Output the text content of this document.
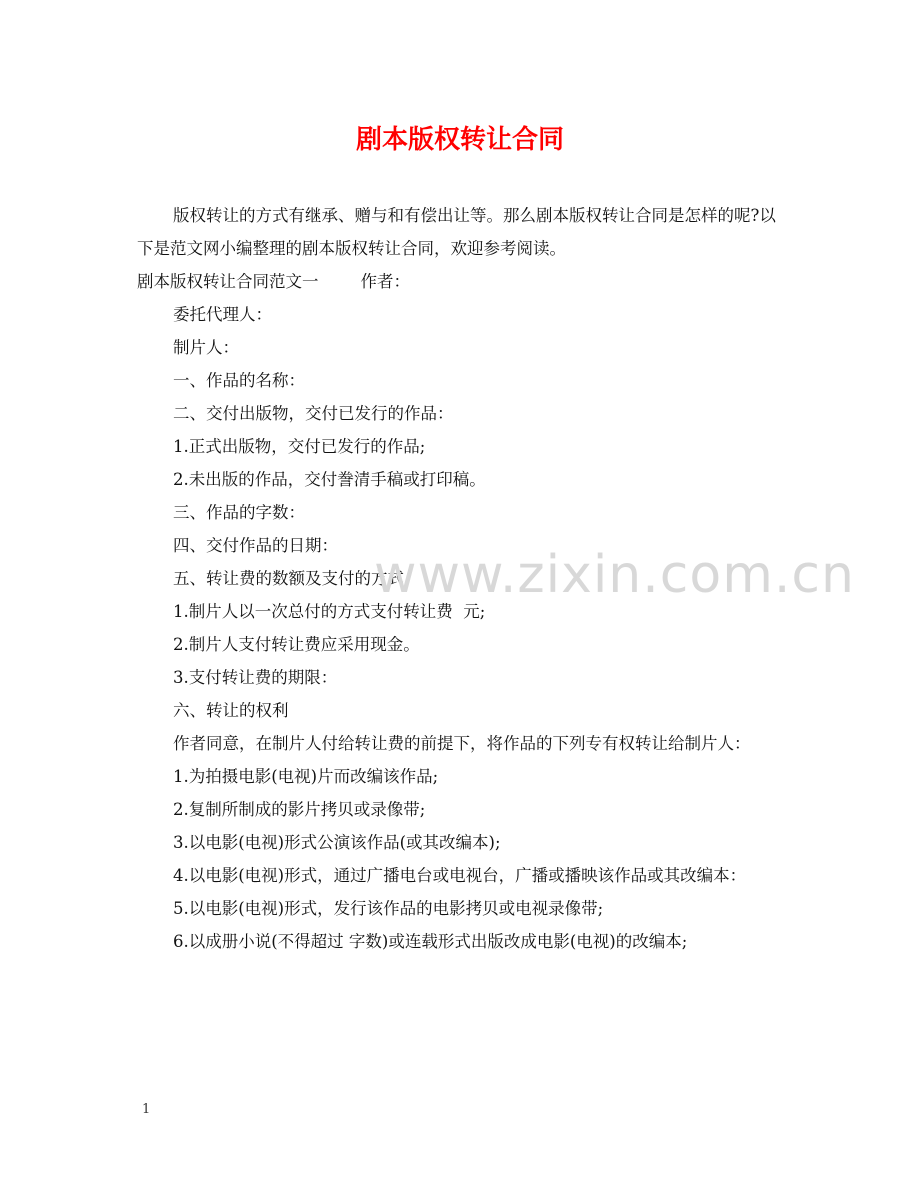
剧本版权转让合同

版权转让的方式有继承、赠与和有偿出让等。那么剧本版权转让合同是怎样的呢?以下是范文网小编整理的剧本版权转让合同，欢迎参考阅读。

剧本版权转让合同范文一        作者：

委托代理人：

制片人：

一、作品的名称：

二、交付出版物，交付已发行的作品：

1.正式出版物，交付已发行的作品;

2.未出版的作品，交付誊清手稿或打印稿。

三、作品的字数：

四、交付作品的日期：

五、转让费的数额及支付的方式：

1.制片人以一次总付的方式支付转让费  元;

2.制片人支付转让费应采用现金。

3.支付转让费的期限：

六、转让的权利

作者同意，在制片人付给转让费的前提下，将作品的下列专有权转让给制片人：

1.为拍摄电影(电视)片而改编该作品;

2.复制所制成的影片拷贝或录像带;

3.以电影(电视)形式公演该作品(或其改编本);

4.以电影(电视)形式，通过广播电台或电视台，广播或播映该作品或其改编本：

5.以电影(电视)形式，发行该作品的电影拷贝或电视录像带;

6.以成册小说(不得超过 字数)或连载形式出版改成电影(电视)的改编本;

www.zixin.com.cn
1
